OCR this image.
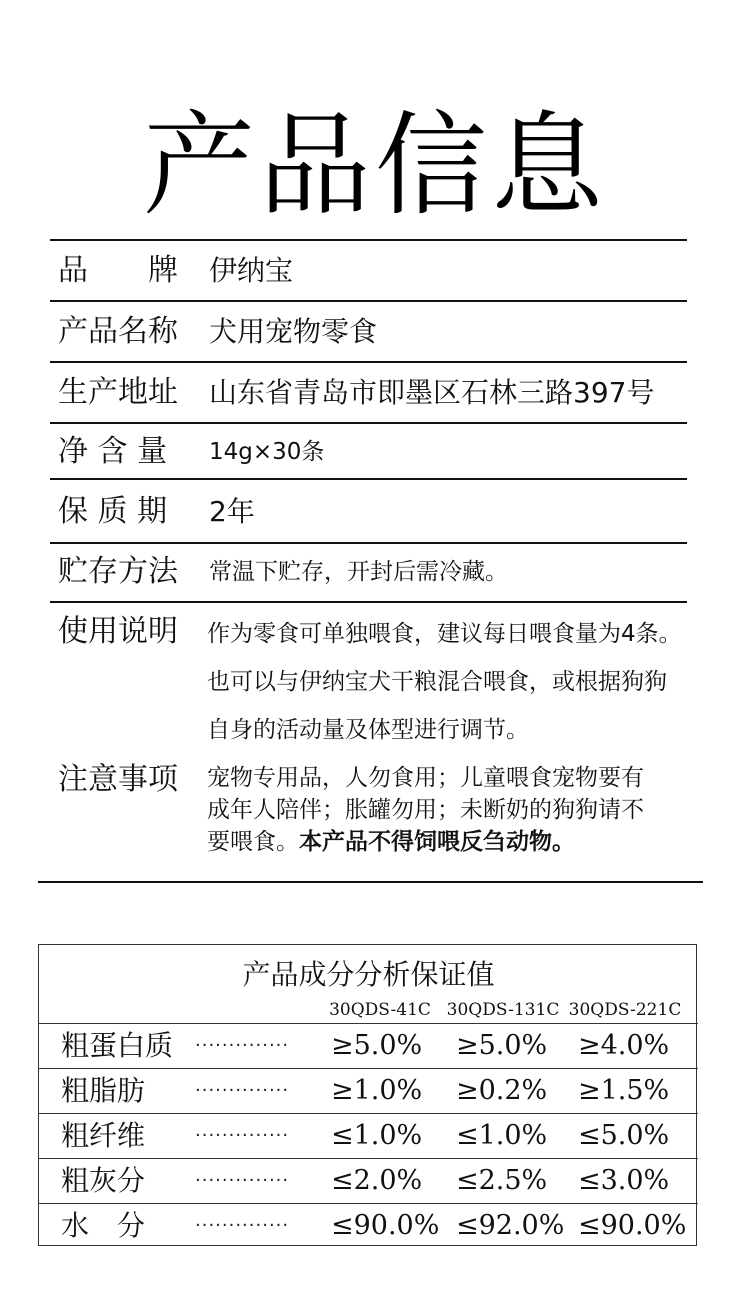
产品信息
品　　牌 伊纳宝
产品名称 犬用宠物零食
生产地址 山东省青岛市即墨区石林三路397号
净 含 量 14g×30条
保 质 期 2年
贮存方法 常温下贮存，开封后需冷藏。
使用说明 作为零食可单独喂食，建议每日喂食量为4条。
也可以与伊纳宝犬干粮混合喂食，或根据狗狗
自身的活动量及体型进行调节。
注意事项 宠物专用品，人勿食用；儿童喂食宠物要有
成年人陪伴；胀罐勿用；未断奶的狗狗请不
要喂食。本产品不得饲喂反刍动物。
产品成分分析保证值
30QDS-41C 30QDS-131C 30QDS-221C
粗蛋白质 ·············· ≥5.0% ≥5.0% ≥4.0%
粗脂肪	·············· ≥1.0% ≥0.2% ≥1.5%
粗纤维	·············· ≤1.0% ≤1.0% ≤5.0%
粗灰分	·············· ≤2.0% ≤2.5% ≤3.0%
水　分	·············· ≤90.0% ≤92.0% ≤90.0%
